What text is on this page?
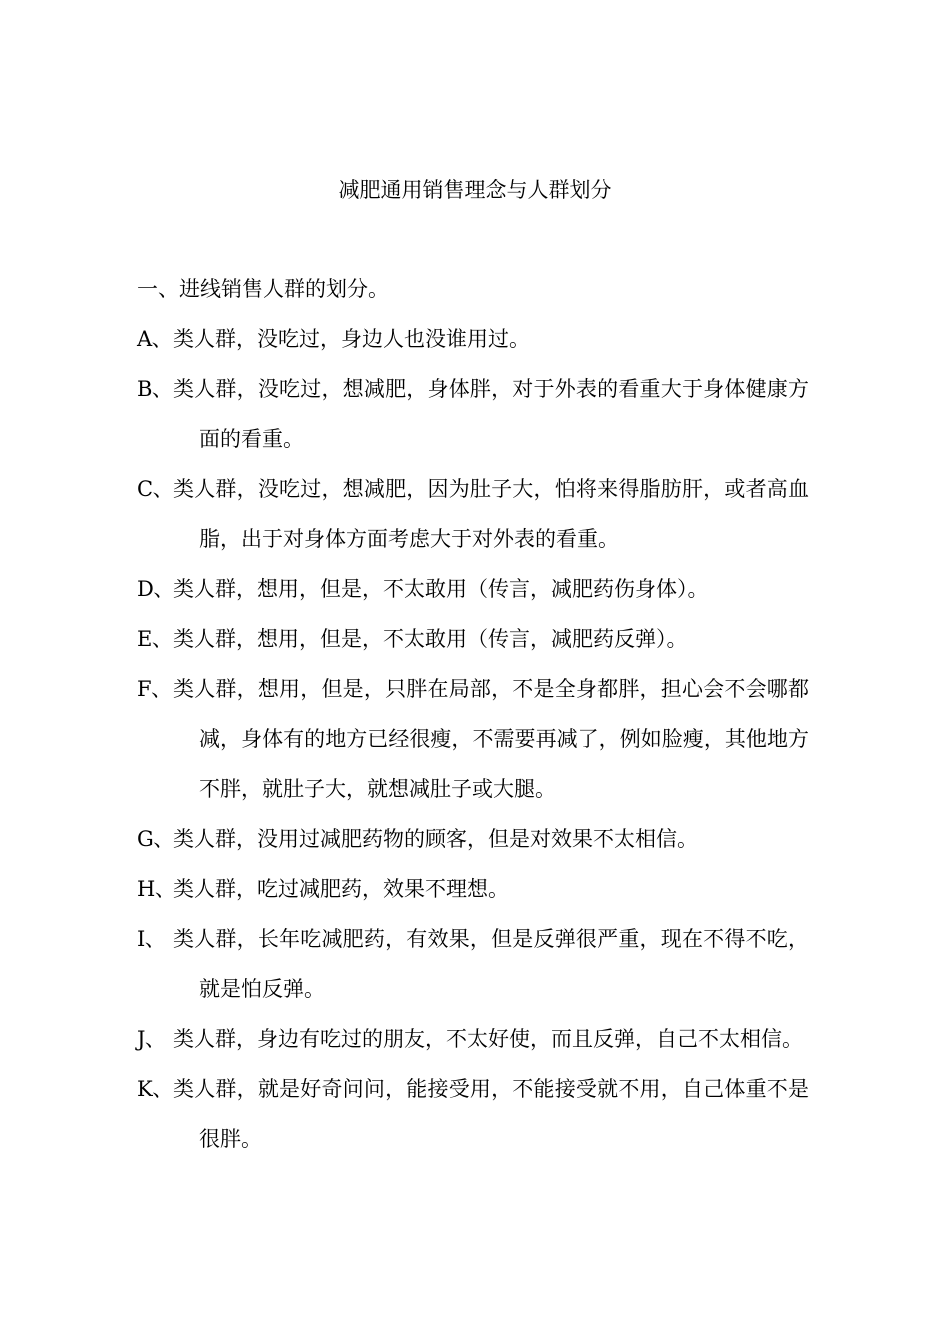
减肥通用销售理念与人群划分

一、进线销售人群的划分。

A、 类人群，没吃过，身边人也没谁用过。
B、 类人群，没吃过，想减肥，身体胖，对于外表的看重大于身体健康方面的看重。
C、 类人群，没吃过，想减肥，因为肚子大，怕将来得脂肪肝，或者高血脂，出于对身体方面考虑大于对外表的看重。
D、 类人群，想用，但是，不太敢用（传言，减肥药伤身体）。
E、 类人群，想用，但是，不太敢用（传言，减肥药反弹）。
F、 类人群，想用，但是，只胖在局部，不是全身都胖，担心会不会哪都减，身体有的地方已经很瘦，不需要再减了，例如脸瘦，其他地方不胖，就肚子大，就想减肚子或大腿。
G、 类人群，没用过减肥药物的顾客，但是对效果不太相信。
H、
类人群，吃过减肥药，效果不理想。
I、 类人群，长年吃减肥药，有效果，但是反弹很严重，现在不得不吃，就是怕反弹。
J、 类人群，身边有吃过的朋友，不太好使，而且反弹，自己不太相信。
K、 类人群，就是好奇问问，能接受用，不能接受就不用，自己体重不是很胖。
